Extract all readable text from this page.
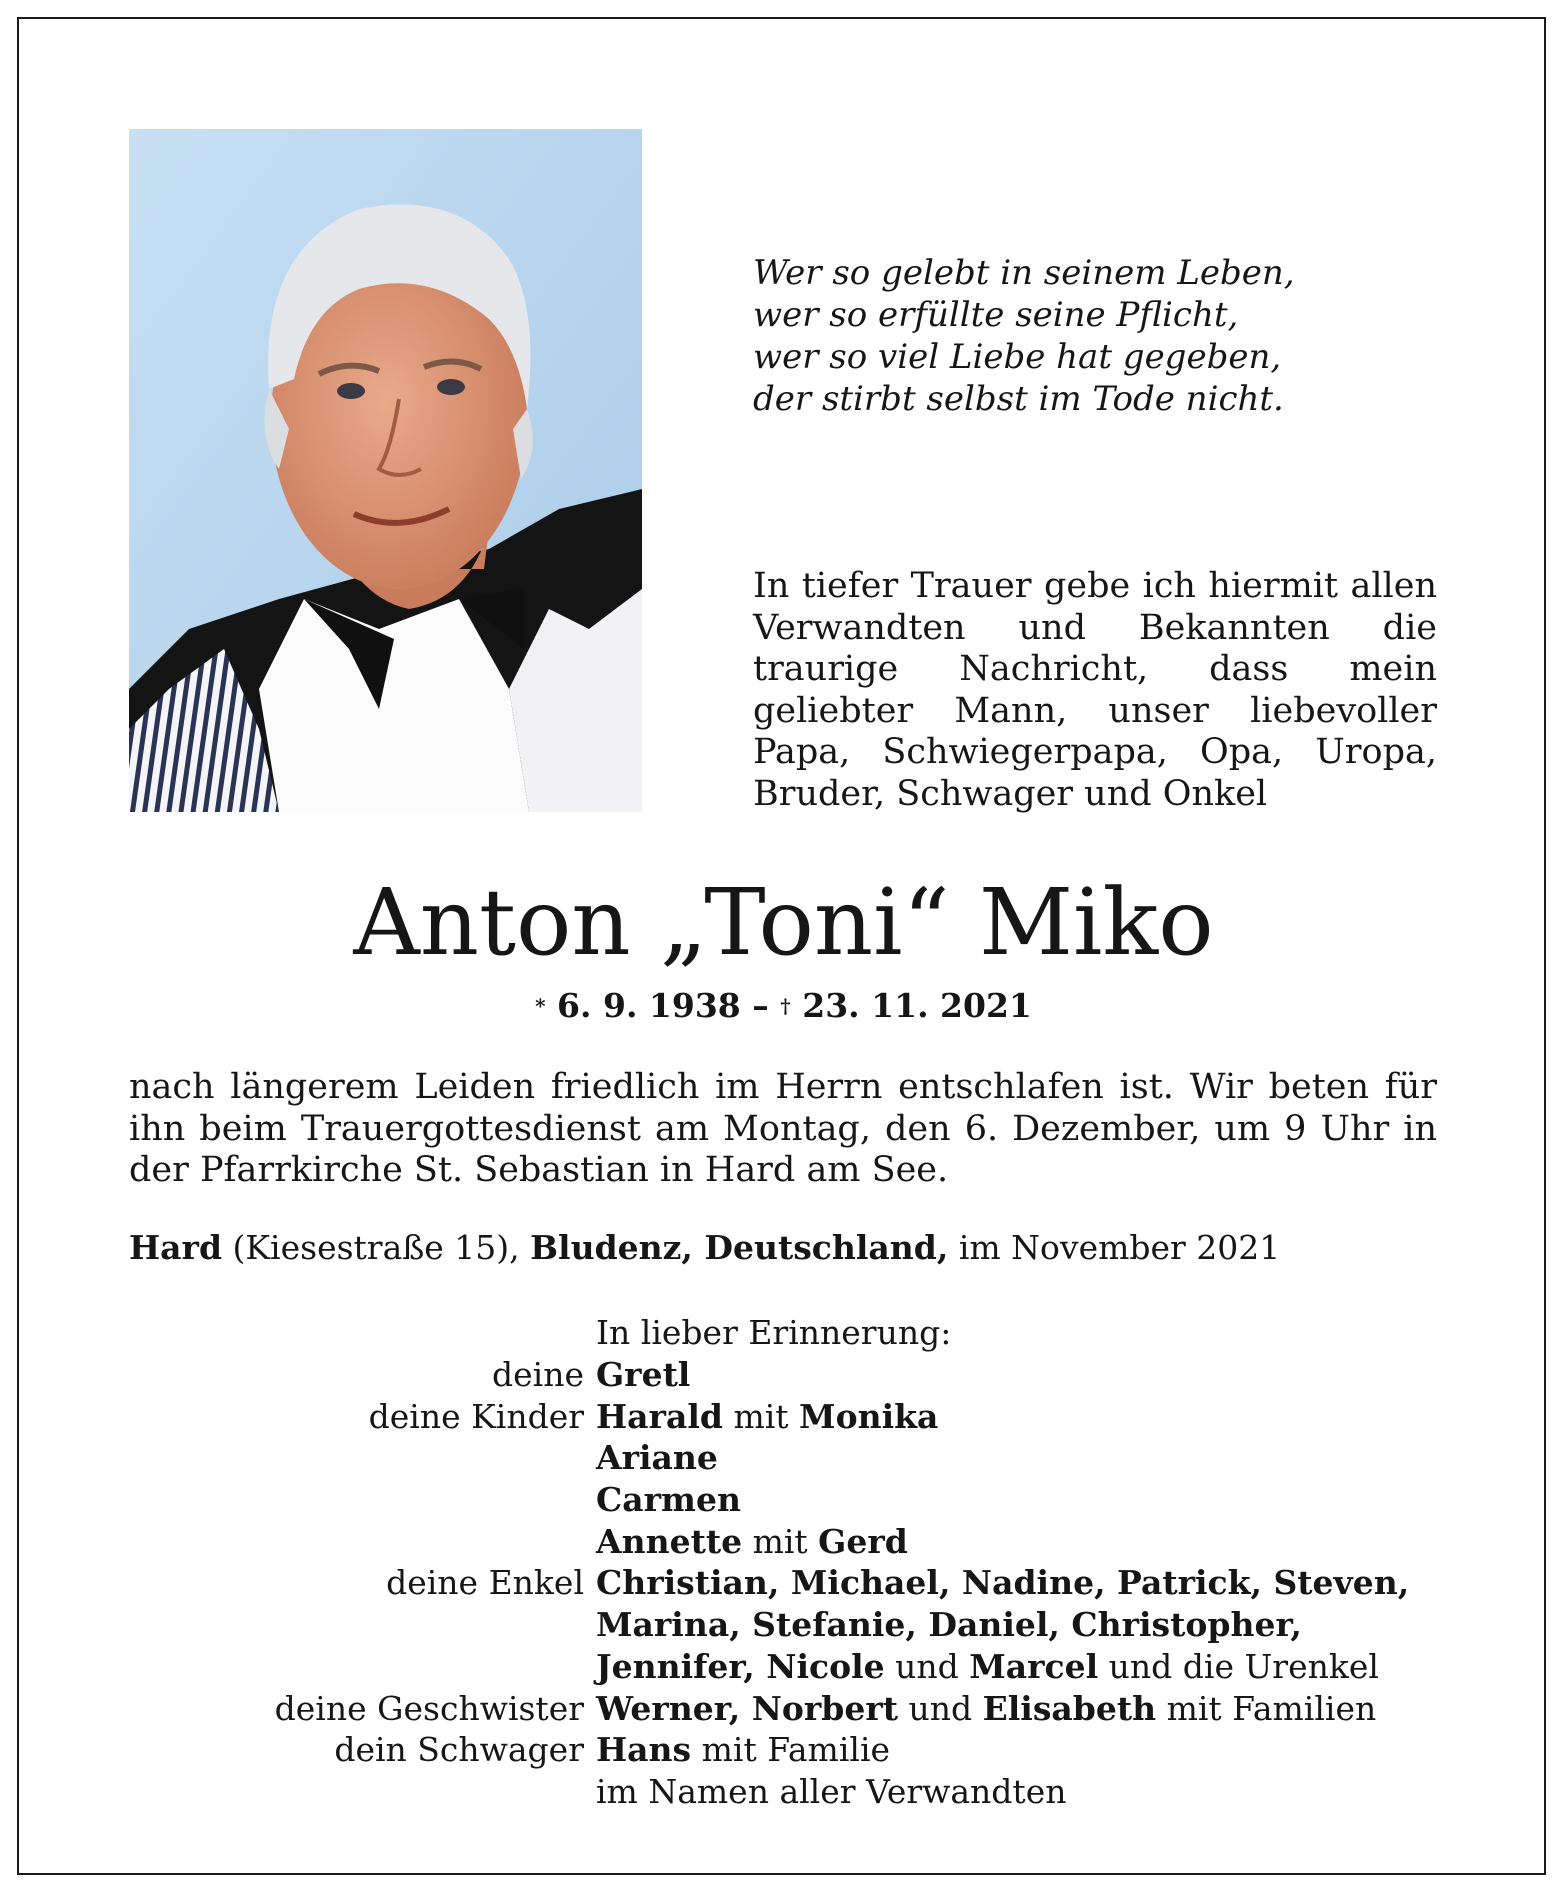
Wer so gelebt in seinem Leben,
wer so erfüllte seine Pflicht,
wer so viel Liebe hat gegeben,
der stirbt selbst im Tode nicht.
In tiefer Trauer gebe ich hiermit allen Verwandten und Bekannten die traurige Nachricht, dass mein geliebter Mann, unser liebevoller Papa, Schwiegerpapa, Opa, Uropa, Bruder, Schwager und Onkel
Anton „Toni“ Miko
* 6. 9. 1938 – † 23. 11. 2021
nach längerem Leiden friedlich im Herrn entschlafen ist. Wir beten für ihn beim Trauergottesdienst am Montag, den 6. Dezember, um 9 Uhr in der Pfarrkirche St. Sebastian in Hard am See.
Hard (Kiesestraße 15), Bludenz, Deutschland, im November 2021
In lieber Erinnerung:
deine Gretl
deine Kinder Harald mit Monika
Ariane
Carmen
Annette mit Gerd
deine Enkel Christian, Michael, Nadine, Patrick, Steven,
Marina, Stefanie, Daniel, Christopher,
Jennifer, Nicole und Marcel und die Urenkel
deine Geschwister Werner, Norbert und Elisabeth mit Familien
dein Schwager Hans mit Familie
im Namen aller Verwandten
